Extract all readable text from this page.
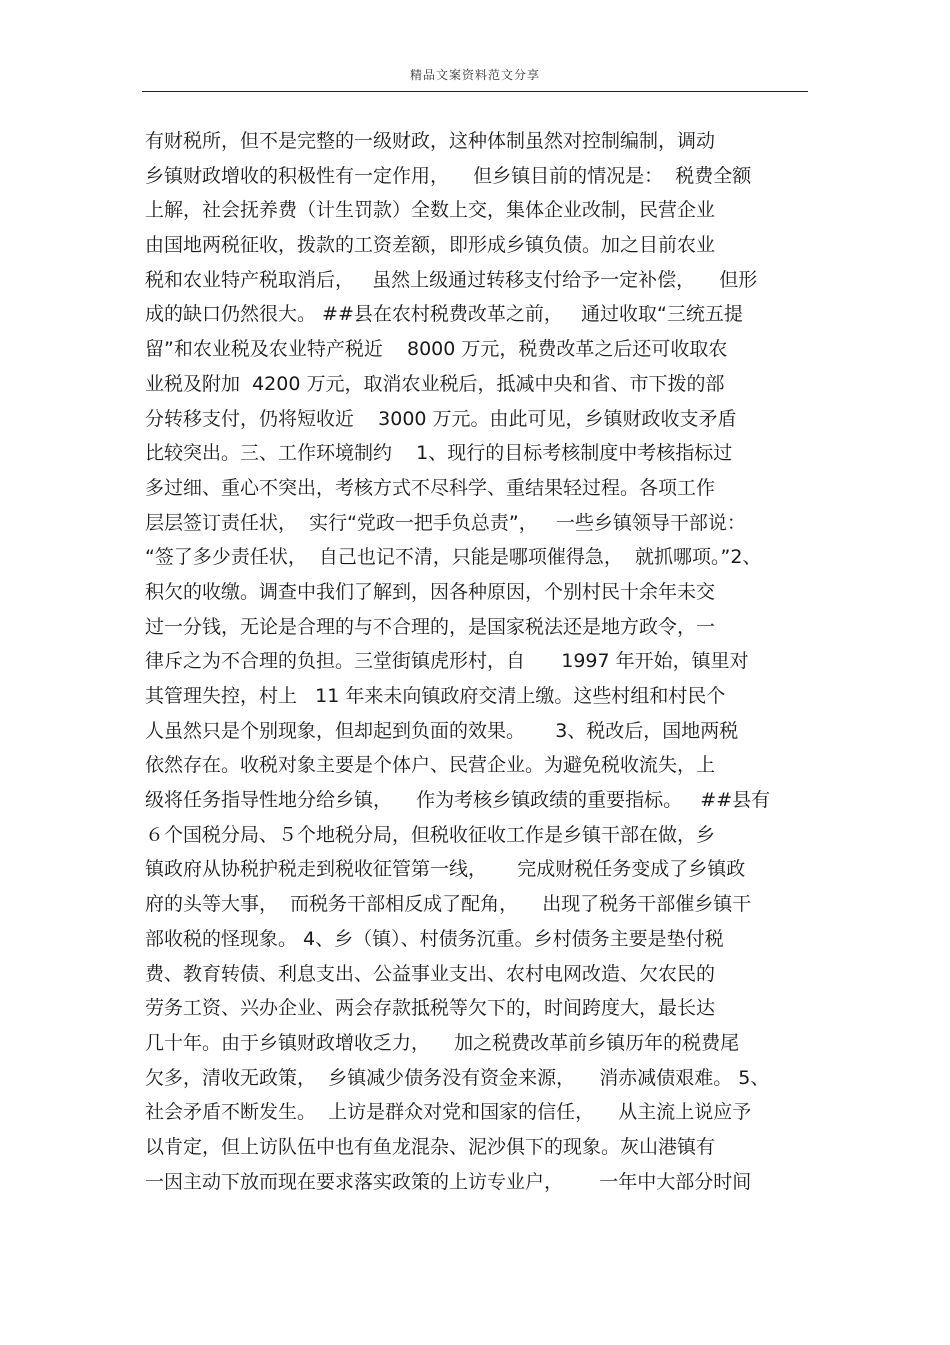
精品文案资料范文分享
有财税所，但不是完整的一级财政，这种体制虽然对控制编制，调动
乡镇财政增收的积极性有一定作用，    但乡镇目前的情况是：  税费全额
上解，社会抚养费（计生罚款）全数上交，集体企业改制，民营企业
由国地两税征收，拨款的工资差额，即形成乡镇负债。加之目前农业
税和农业特产税取消后，   虽然上级通过转移支付给予一定补偿，    但形
成的缺口仍然很大。 ##县在农村税费改革之前，   通过收取“三统五提
留”和农业税及农业特产税近    8000 万元，税费改革之后还可收取农
业税及附加  4200 万元，取消农业税后，抵减中央和省、市下拨的部
分转移支付，仍将短收近    3000 万元。由此可见，乡镇财政收支矛盾
比较突出。三、工作环境制约    1、现行的目标考核制度中考核指标过
多过细、重心不突出，考核方式不尽科学、重结果轻过程。各项工作
层层签订责任状，  实行“党政一把手负总责”，   一些乡镇领导干部说：
“签了多少责任状，  自己也记不清，只能是哪项催得急，  就抓哪项。”2、
积欠的收缴。调查中我们了解到，因各种原因，个别村民十余年未交
过一分钱，无论是合理的与不合理的，是国家税法还是地方政令，一
律斥之为不合理的负担。三堂街镇虎形村，自      1997 年开始，镇里对
其管理失控，村上   11 年来未向镇政府交清上缴。这些村组和村民个
人虽然只是个别现象，但却起到负面的效果。     3、税改后，国地两税
依然存在。收税对象主要是个体户、民营企业。为避免税收流失，上
级将任务指导性地分给乡镇，    作为考核乡镇政绩的重要指标。   ##县有
６个国税分局、５个地税分局，但税收征收工作是乡镇干部在做，乡
镇政府从协税护税走到税收征管第一线，     完成财税任务变成了乡镇政
府的头等大事，  而税务干部相反成了配角，    出现了税务干部催乡镇干
部收税的怪现象。 4、乡（镇）、村债务沉重。乡村债务主要是垫付税
费、教育转债、利息支出、公益事业支出、农村电网改造、欠农民的
劳务工资、兴办企业、两会存款抵税等欠下的，时间跨度大，最长达
几十年。由于乡镇财政增收乏力，    加之税费改革前乡镇历年的税费尾
欠多，清收无政策，  乡镇减少债务没有资金来源，    消赤减债艰难。 5、
社会矛盾不断发生。  上访是群众对党和国家的信任，    从主流上说应予
以肯定，但上访队伍中也有鱼龙混杂、泥沙俱下的现象。灰山港镇有
一因主动下放而现在要求落实政策的上访专业户，      一年中大部分时间
